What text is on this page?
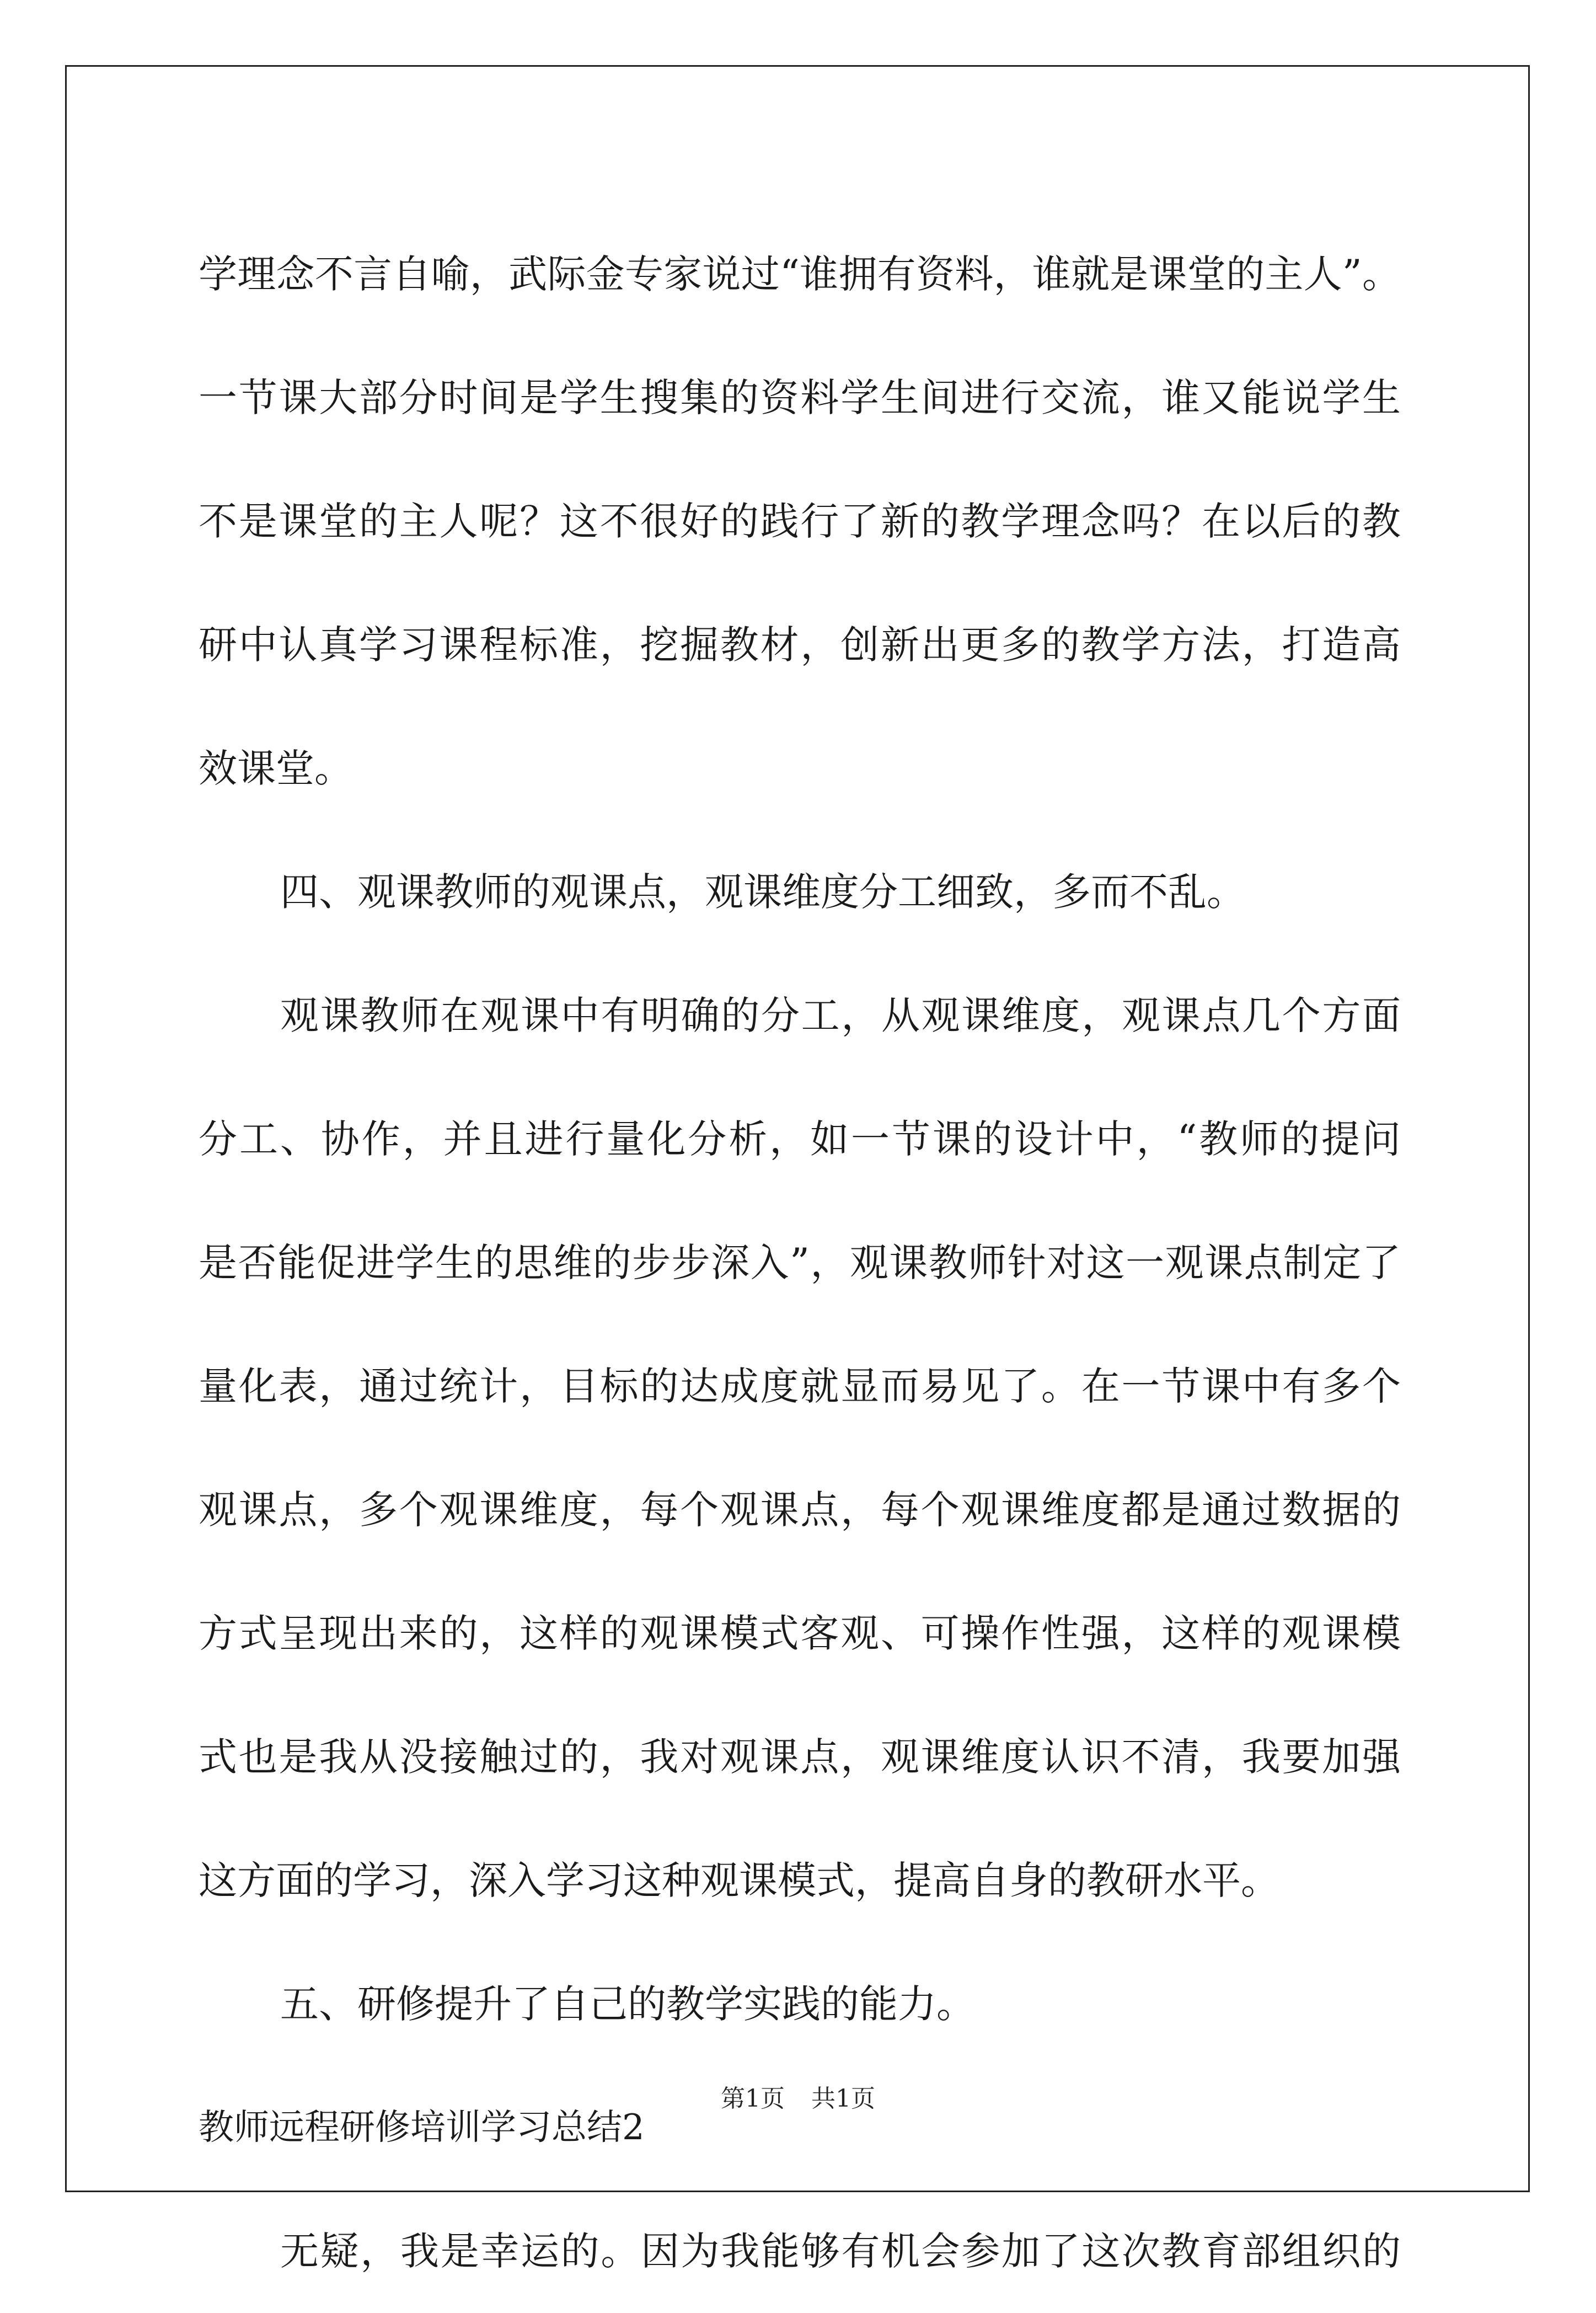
学理念不言自喻，武际金专家说过“谁拥有资料，谁就是课堂的主人”。
一节课大部分时间是学生搜集的资料学生间进行交流，谁又能说学生
不是课堂的主人呢？这不很好的践行了新的教学理念吗？在以后的教
研中认真学习课程标准，挖掘教材，创新出更多的教学方法，打造高
效课堂。
四、观课教师的观课点，观课维度分工细致，多而不乱。
观课教师在观课中有明确的分工，从观课维度，观课点几个方面
分工、协作，并且进行量化分析，如一节课的设计中，“教师的提问
是否能促进学生的思维的步步深入”，观课教师针对这一观课点制定了
量化表，通过统计，目标的达成度就显而易见了。在一节课中有多个
观课点，多个观课维度，每个观课点，每个观课维度都是通过数据的
方式呈现出来的，这样的观课模式客观、可操作性强，这样的观课模
式也是我从没接触过的，我对观课点，观课维度认识不清，我要加强
这方面的学习，深入学习这种观课模式，提高自身的教研水平。
五、研修提升了自己的教学实践的能力。
教师远程研修培训学习总结2
无疑，我是幸运的。因为我能够有机会参加了这次教育部组织的
第1页 共1页
